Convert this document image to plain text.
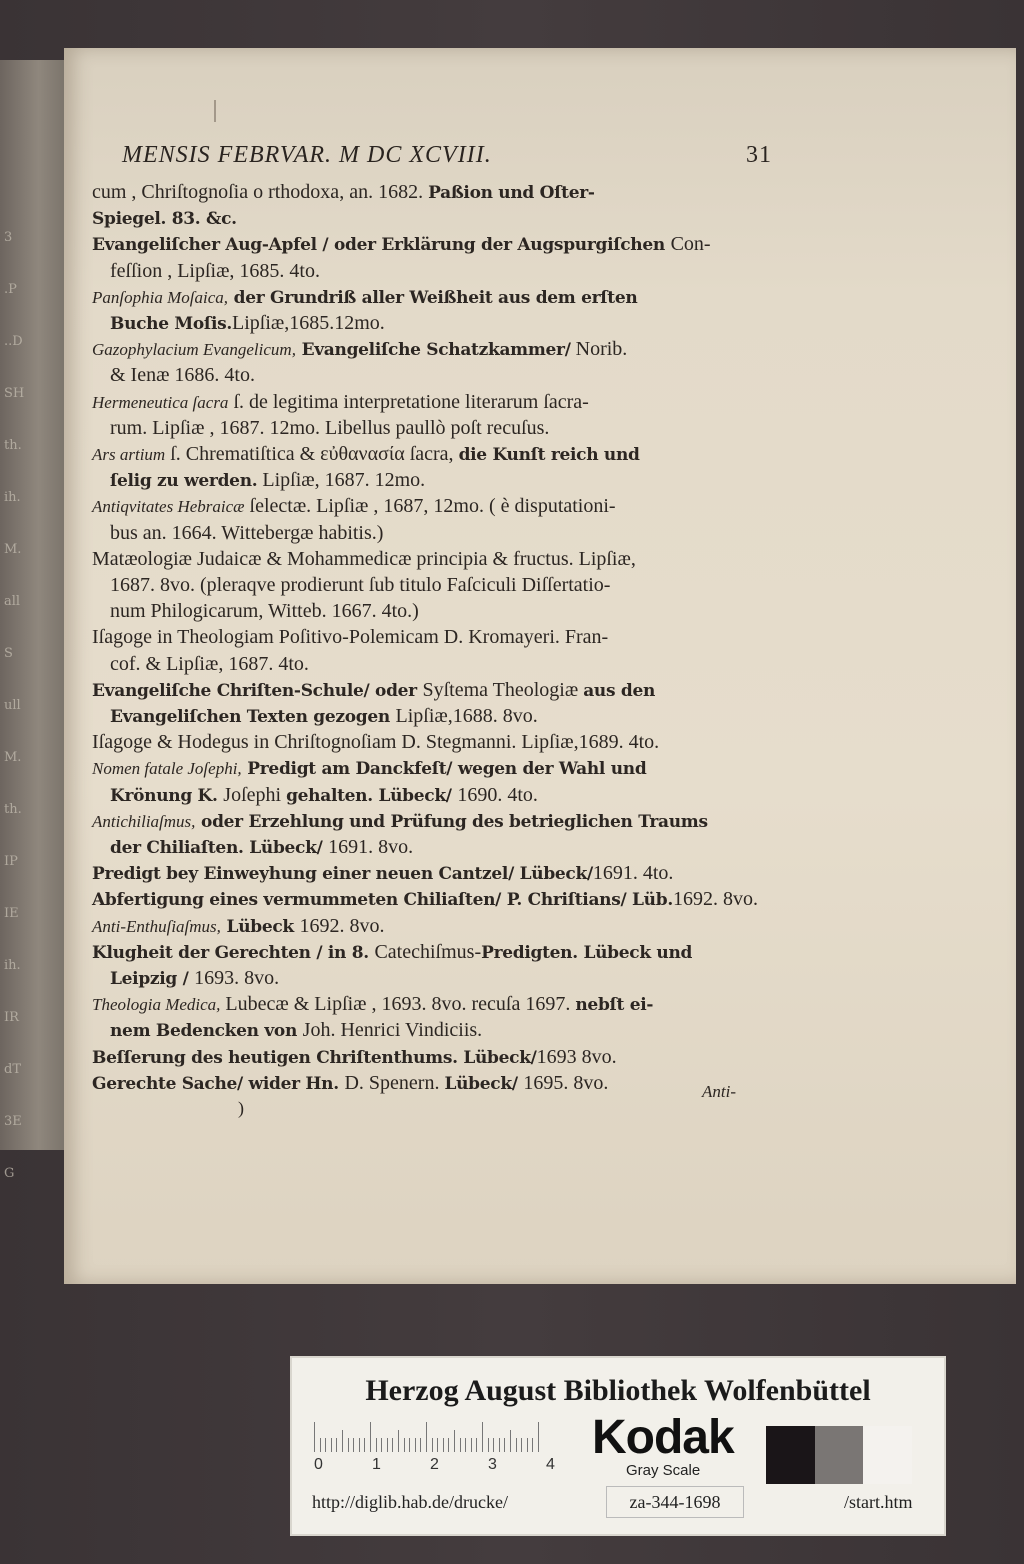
3
.P
..D
SH
th.
ih.
M.
all
S
ull
M.
th.
IP
IE
ih.
IR
dT
3E
G
MENSIS FEBRVAR. M DC XCVIII.	31
cum , Chriſtognoſia o rthodoxa, an. 1682. Paßion und Oſter-
Spiegel. 83. &c.
Evangeliſcher Aug-Apfel / oder Erklärung der Augspurgiſchen Con-
feſſion , Lipſiæ, 1685. 4to.
Panſophia Moſaica, der Grundriß aller Weißheit aus dem erſten
Buche Moſis.Lipſiæ,1685.12mo.
Gazophylacium Evangelicum, Evangeliſche Schatzkammer/ Norib.
& Ienæ 1686. 4to.
Hermeneutica ſacra ſ. de legitima interpretatione literarum ſacra-
rum. Lipſiæ , 1687. 12mo. Libellus paullò poſt recuſus.
Ars artium ſ. Chrematiſtica & εὐθανασία ſacra, die Kunſt reich und
ſelig zu werden. Lipſiæ, 1687. 12mo.
Antiqvitates Hebraicæ ſelectæ. Lipſiæ , 1687, 12mo. ( è disputationi-
bus an. 1664. Wittebergæ habitis.)
Matæologiæ Judaicæ & Mohammedicæ principia & fructus. Lipſiæ,
1687. 8vo. (pleraqve prodierunt ſub titulo Faſciculi Diſſertatio-
num Philogicarum, Witteb. 1667. 4to.)
Iſagoge in Theologiam Poſitivo-Polemicam D. Kromayeri. Fran-
cof. & Lipſiæ, 1687. 4to.
Evangeliſche Chriſten-Schule/ oder Syſtema Theologiæ aus den
Evangeliſchen Texten gezogen Lipſiæ,1688. 8vo.
Iſagoge & Hodegus in Chriſtognoſiam D. Stegmanni. Lipſiæ,1689. 4to.
Nomen fatale Joſephi, Predigt am Danckfeſt/ wegen der Wahl und
Krönung K. Joſephi gehalten. Lübeck/ 1690. 4to.
Antichiliaſmus, oder Erzehlung und Prüfung des betrieglichen Traums
der Chiliaſten. Lübeck/ 1691. 8vo.
Predigt bey Einweyhung einer neuen Cantzel/ Lübeck/1691. 4to.
Abfertigung eines vermummeten Chiliaſten/ P. Chriſtians/ Lüb.1692. 8vo.
Anti-Enthuſiaſmus, Lübeck 1692. 8vo.
Klugheit der Gerechten / in 8. Catechiſmus-Predigten. Lübeck und
Leipzig / 1693. 8vo.
Theologia Medica, Lubecæ & Lipſiæ , 1693. 8vo. recuſa 1697. nebſt ei-
nem Bedencken von Joh. Henrici Vindiciis.
Beſſerung des heutigen Chriſtenthums. Lübeck/1693 8vo.
Gerechte Sache/ wider Hn. D. Spenern. Lübeck/ 1695. 8vo.	Anti-
)
Herzog August Bibliothek Wolfenbüttel
0	1	2	3	4
Kodak
Gray Scale
http://diglib.hab.de/drucke/	za-344-1698	/start.htm
